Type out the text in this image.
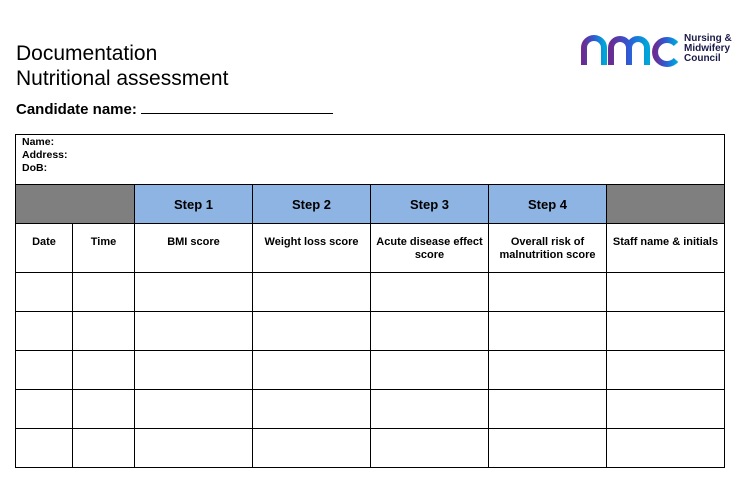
Documentation
Nutritional assessment
Candidate name:
Nursing &
Midwifery
Council
Name:
Address:
DoB:						

		Step 1	Step 2	Step 3	Step 4	
Date	Time	BMI score	Weight loss score	Acute disease effect score	Overall risk of malnutrition score	Staff name & initials
